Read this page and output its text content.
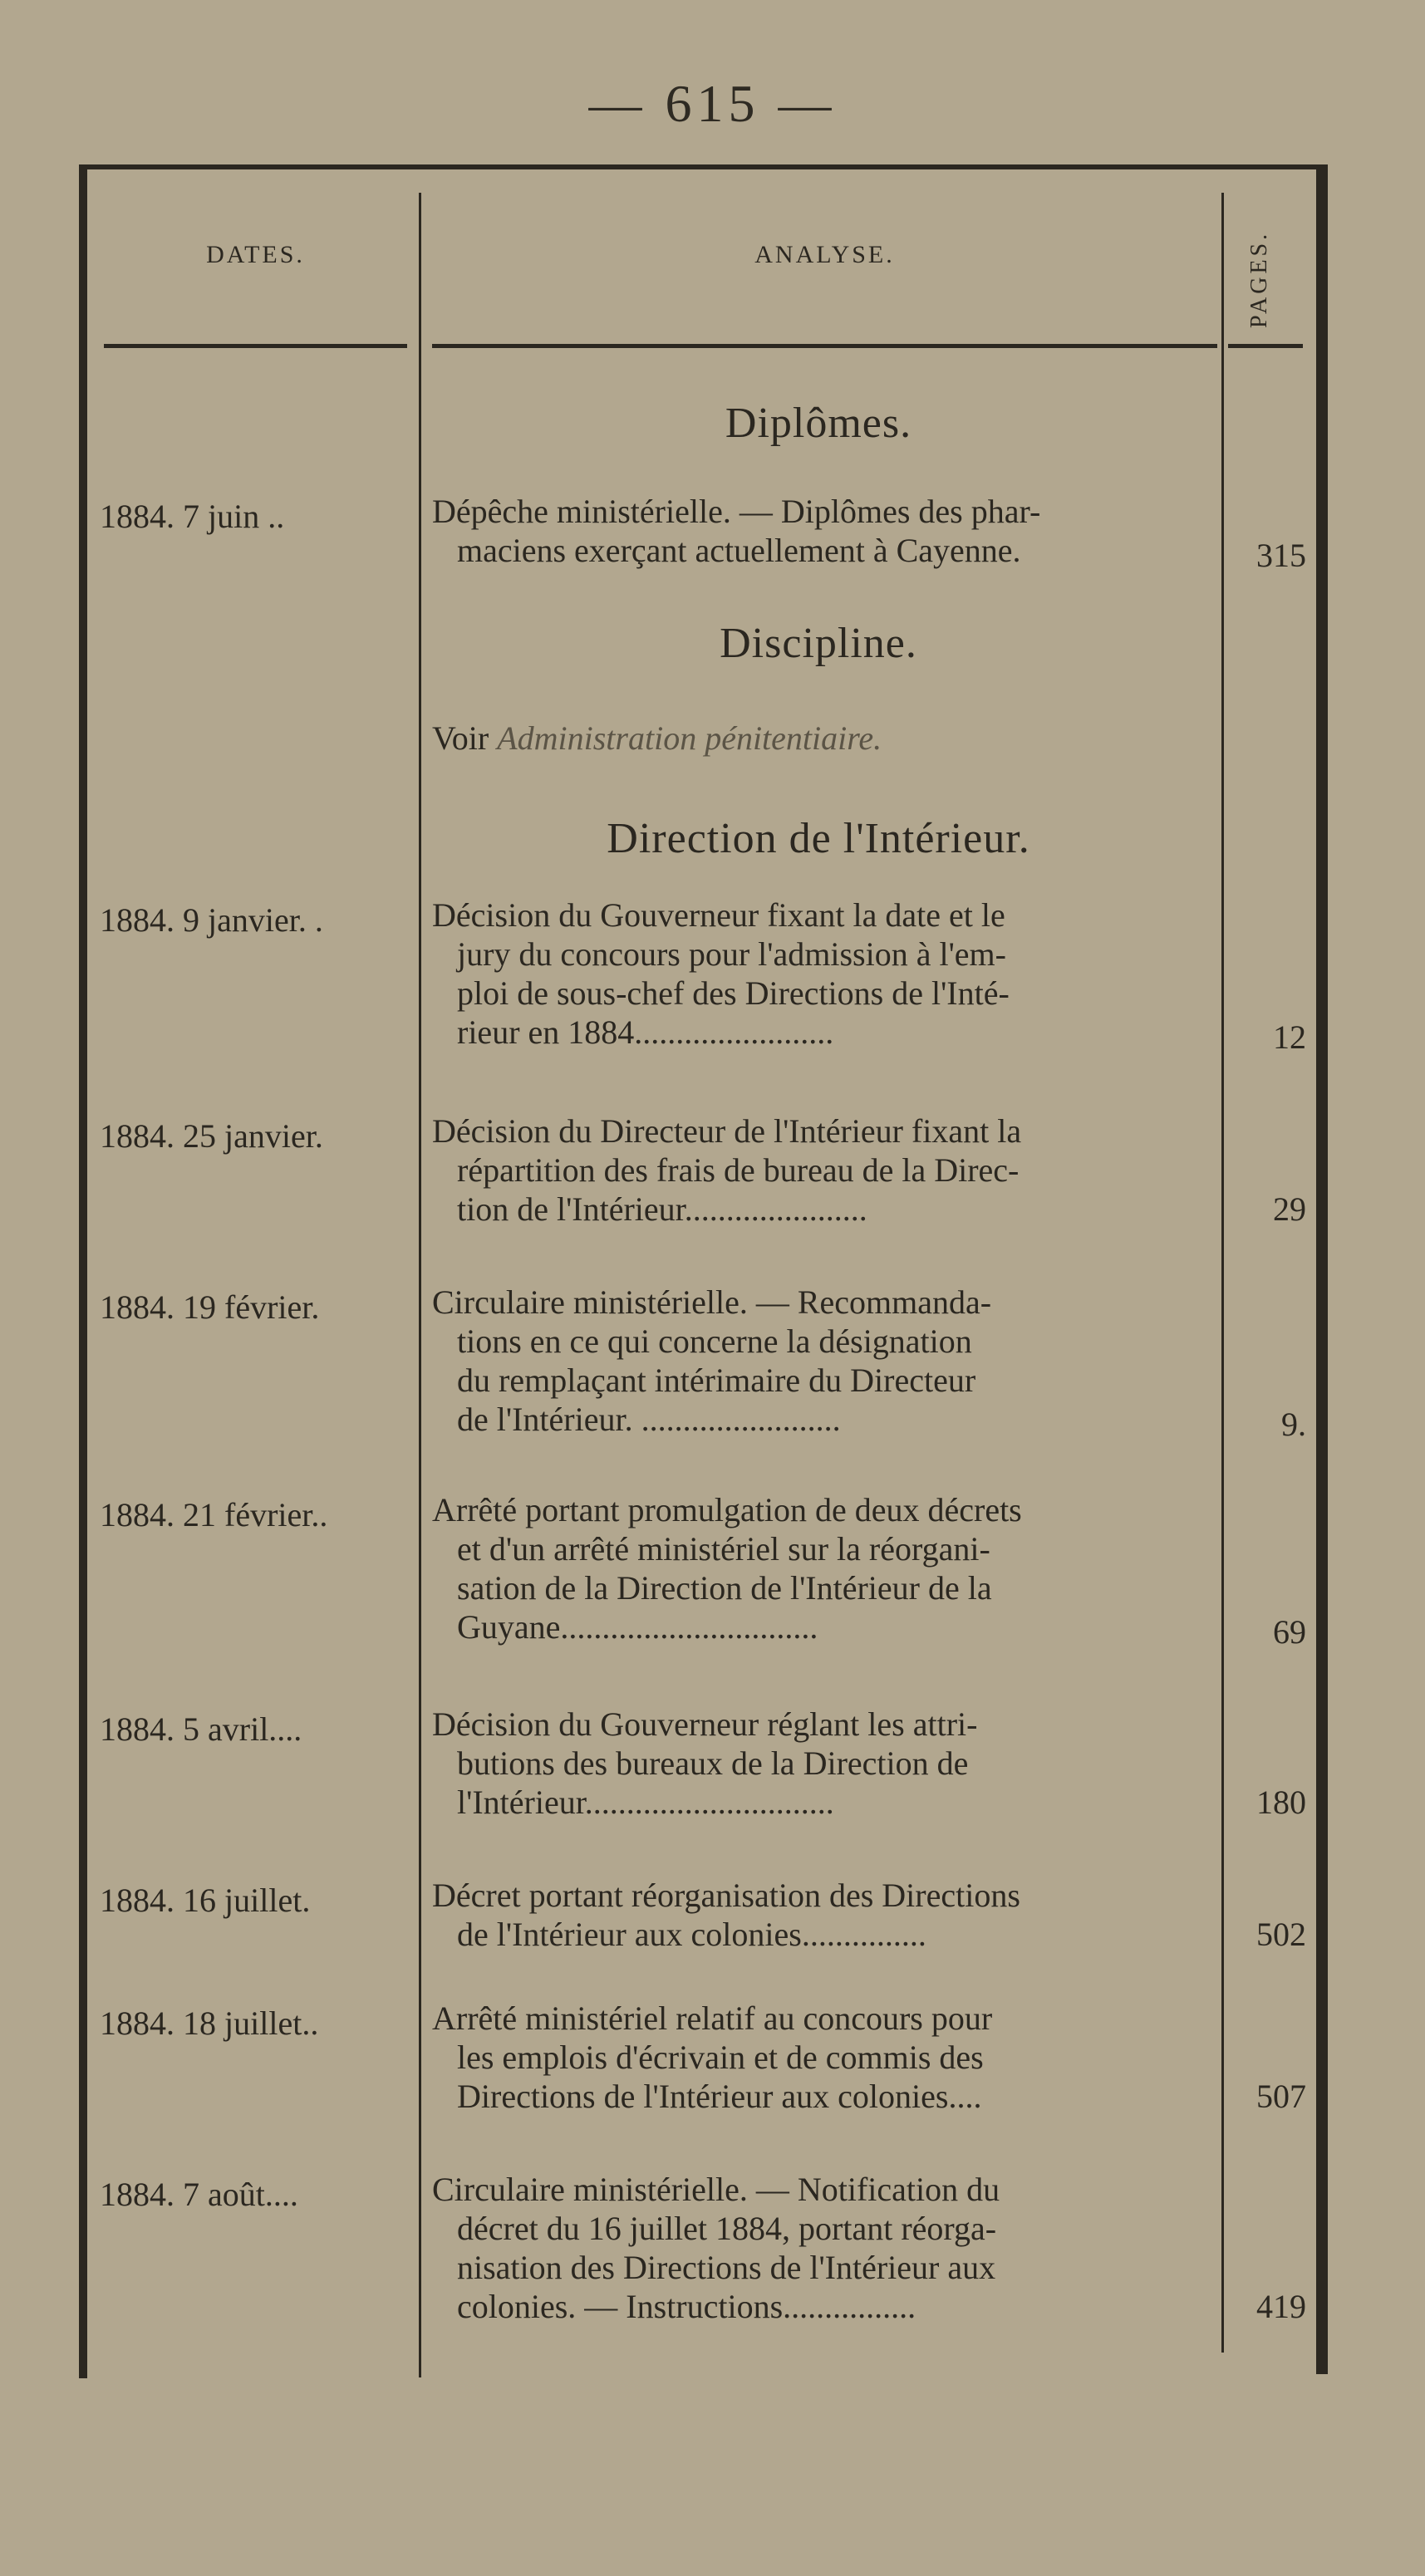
— 615 —
DATES.	ANALYSE.	PAGES.
Diplômes.
1884. 7 juin ..	Dépêche ministérielle. — Diplômes des phar-
maciens exerçant actuellement à Cayenne.	315
Discipline.
Voir Administration pénitentiaire.
Direction de l'Intérieur.
1884. 9 janvier. .	Décision du Gouverneur fixant la date et le
jury du concours pour l'admission à l'em-
ploi de sous-chef des Directions de l'Inté-
rieur en 1884........................	12
1884. 25 janvier.	Décision du Directeur de l'Intérieur fixant la
répartition des frais de bureau de la Direc-
tion de l'Intérieur......................	29
1884. 19 février.	Circulaire ministérielle. — Recommanda-
tions en ce qui concerne la désignation
du remplaçant intérimaire du Directeur
de l'Intérieur. ........................	9.
1884. 21 février..	Arrêté portant promulgation de deux décrets
et d'un arrêté ministériel sur la réorgani-
sation de la Direction de l'Intérieur de la
Guyane...............................	69
1884. 5 avril....	Décision du Gouverneur réglant les attri-
butions des bureaux de la Direction de
l'Intérieur..............................	180
1884. 16 juillet.	Décret portant réorganisation des Directions
de l'Intérieur aux colonies...............	502
1884. 18 juillet..	Arrêté ministériel relatif au concours pour
les emplois d'écrivain et de commis des
Directions de l'Intérieur aux colonies....	507
1884. 7 août....	Circulaire ministérielle. — Notification du
décret du 16 juillet 1884, portant réorga-
nisation des Directions de l'Intérieur aux
colonies. — Instructions................	419
